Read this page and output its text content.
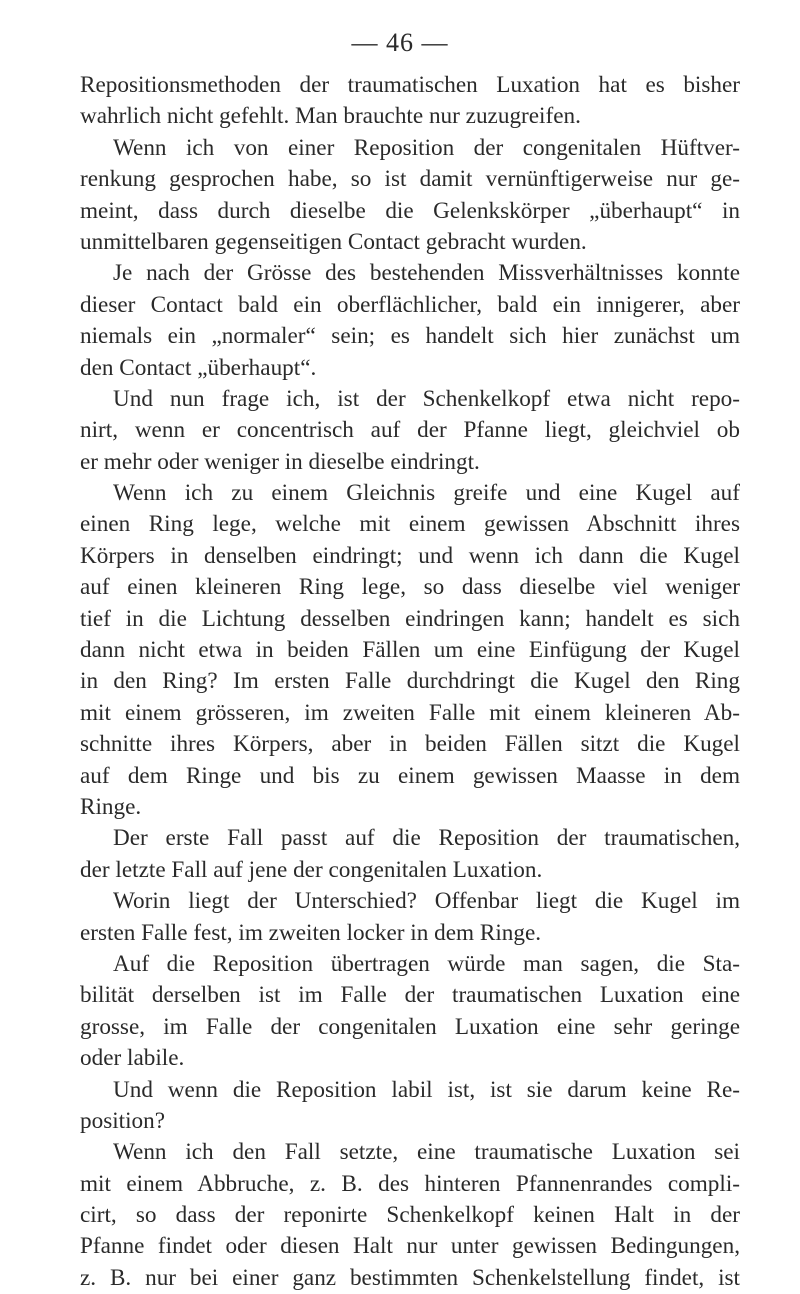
— 46 —
Repositionsmethoden der traumatischen Luxation hat es bisher
wahrlich nicht gefehlt. Man brauchte nur zuzugreifen.
Wenn ich von einer Reposition der congenitalen Hüftver-
renkung gesprochen habe, so ist damit vernünftigerweise nur ge-
meint, dass durch dieselbe die Gelenkskörper „überhaupt“ in
unmittelbaren gegenseitigen Contact gebracht wurden.
Je nach der Grösse des bestehenden Missverhältnisses konnte
dieser Contact bald ein oberflächlicher, bald ein innigerer, aber
niemals ein „normaler“ sein; es handelt sich hier zunächst um
den Contact „überhaupt“.
Und nun frage ich, ist der Schenkelkopf etwa nicht repo-
nirt, wenn er concentrisch auf der Pfanne liegt, gleichviel ob
er mehr oder weniger in dieselbe eindringt.
Wenn ich zu einem Gleichnis greife und eine Kugel auf
einen Ring lege, welche mit einem gewissen Abschnitt ihres
Körpers in denselben eindringt; und wenn ich dann die Kugel
auf einen kleineren Ring lege, so dass dieselbe viel weniger
tief in die Lichtung desselben eindringen kann; handelt es sich
dann nicht etwa in beiden Fällen um eine Einfügung der Kugel
in den Ring? Im ersten Falle durchdringt die Kugel den Ring
mit einem grösseren, im zweiten Falle mit einem kleineren Ab-
schnitte ihres Körpers, aber in beiden Fällen sitzt die Kugel
auf dem Ringe und bis zu einem gewissen Maasse in dem
Ringe.
Der erste Fall passt auf die Reposition der traumatischen,
der letzte Fall auf jene der congenitalen Luxation.
Worin liegt der Unterschied? Offenbar liegt die Kugel im
ersten Falle fest, im zweiten locker in dem Ringe.
Auf die Reposition übertragen würde man sagen, die Sta-
bilität derselben ist im Falle der traumatischen Luxation eine
grosse, im Falle der congenitalen Luxation eine sehr geringe
oder labile.
Und wenn die Reposition labil ist, ist sie darum keine Re-
position?
Wenn ich den Fall setzte, eine traumatische Luxation sei
mit einem Abbruche, z. B. des hinteren Pfannenrandes compli-
cirt, so dass der reponirte Schenkelkopf keinen Halt in der
Pfanne findet oder diesen Halt nur unter gewissen Bedingungen,
z. B. nur bei einer ganz bestimmten Schenkelstellung findet, ist
